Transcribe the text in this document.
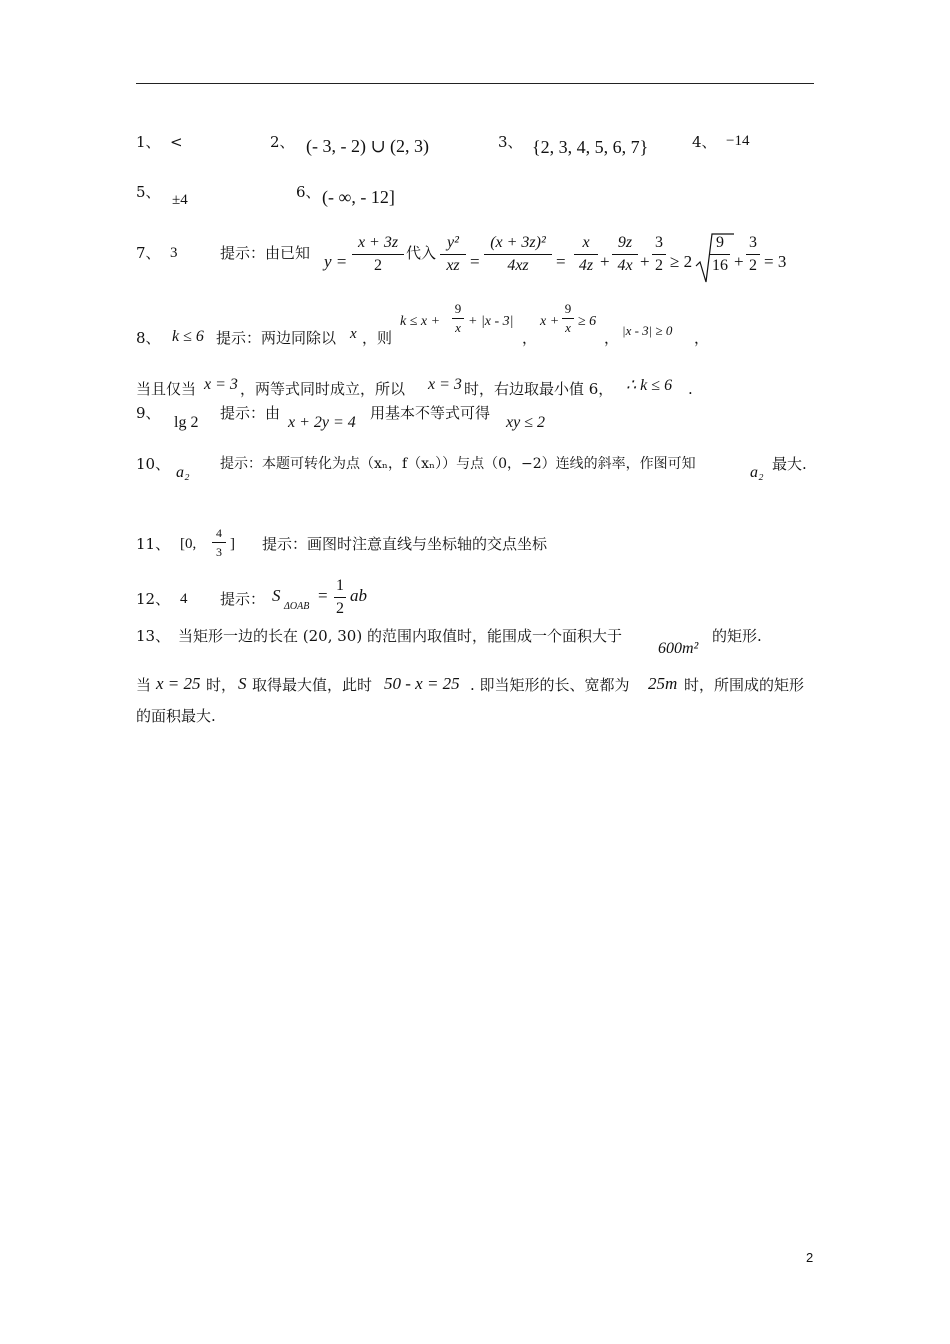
1、 <	2、 (- 3, - 2) ∪ (2, 3)	3、 {2, 3, 4, 5, 6, 7}	4、 −14
5、 ±4	6、 (- ∞, - 12]
7、 3	提示：由已知 y =
x + 3z
2
代入
y²
xz =
(x + 3z)²
4xz	=
x
4z +
9z
4x +
3
2 ≥ 2
9
16 +
3
2 = 3
8、 k ≤ 6 提示：两边同除以 x ，则
k ≤ x +
9
x + |x - 3|
，
x +
9
x ≥ 6
， |x - 3| ≥ 0 ，
当且仅当 x = 3 ，两等式同时成立，所以 x = 3 时，右边取最小值 6， ∴ k ≤ 6 .
9、
lg 2
提示：由
x + 2y = 4
用基本不等式可得
xy ≤ 2
10、 a₂ 提示：本题可转化为点（xₙ，f（xₙ））与点（0，−2）连线的斜率，作图可知	a₂ 最大.
11、 [0,
4
3 ] 提示：画图时注意直线与坐标轴的交点坐标
12、 4 提示： S
ΔOAB
=
1
2
ab
13、 当矩形一边的长在 (20, 30) 的范围内取值时，能围成一个面积大于
600m²
的矩形.
当 x = 25 时， S 取得最大值，此时 50 - x = 25 . 即当矩形的长、宽都为 25m 时，所围成的矩形
的面积最大.
2
